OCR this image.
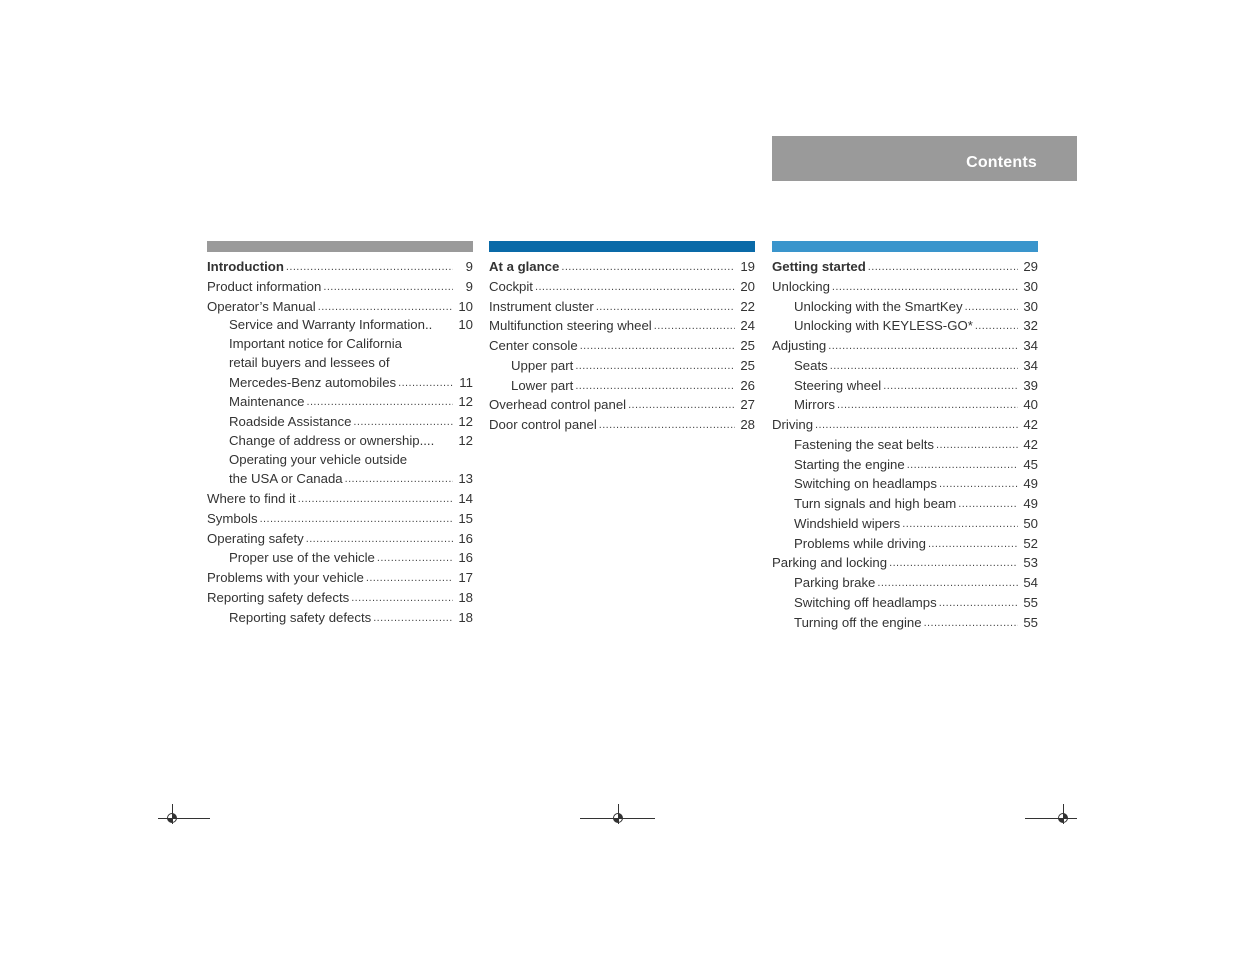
Contents
Introduction .....	9
Product information .....	9
Operator’s Manual .....	10
Service and Warranty Information.. 10
Important notice for California
retail buyers and lessees of
Mercedes-Benz automobiles .....	11
Maintenance .....	12
Roadside Assistance .....	12
Change of address or ownership.... 12
Operating your vehicle outside
the USA or Canada .....	13
Where to find it .....	14
Symbols .....	15
Operating safety .....	16
Proper use of the vehicle .....	16
Problems with your vehicle .....	17
Reporting safety defects .....	18
Reporting safety defects .....	18
At a glance .....	19
Cockpit .....	20
Instrument cluster .....	22
Multifunction steering wheel .....	24
Center console .....	25
Upper part .....	25
Lower part .....	26
Overhead control panel .....	27
Door control panel .....	28
Getting started .....	29
Unlocking .....	30
Unlocking with the SmartKey .....	30
Unlocking with KEYLESS-GO* .....	32
Adjusting .....	34
Seats .....	34
Steering wheel .....	39
Mirrors .....	40
Driving .....	42
Fastening the seat belts .....	42
Starting the engine .....	45
Switching on headlamps .....	49
Turn signals and high beam .....	49
Windshield wipers .....	50
Problems while driving .....	52
Parking and locking .....	53
Parking brake .....	54
Switching off headlamps .....	55
Turning off the engine .....	55
